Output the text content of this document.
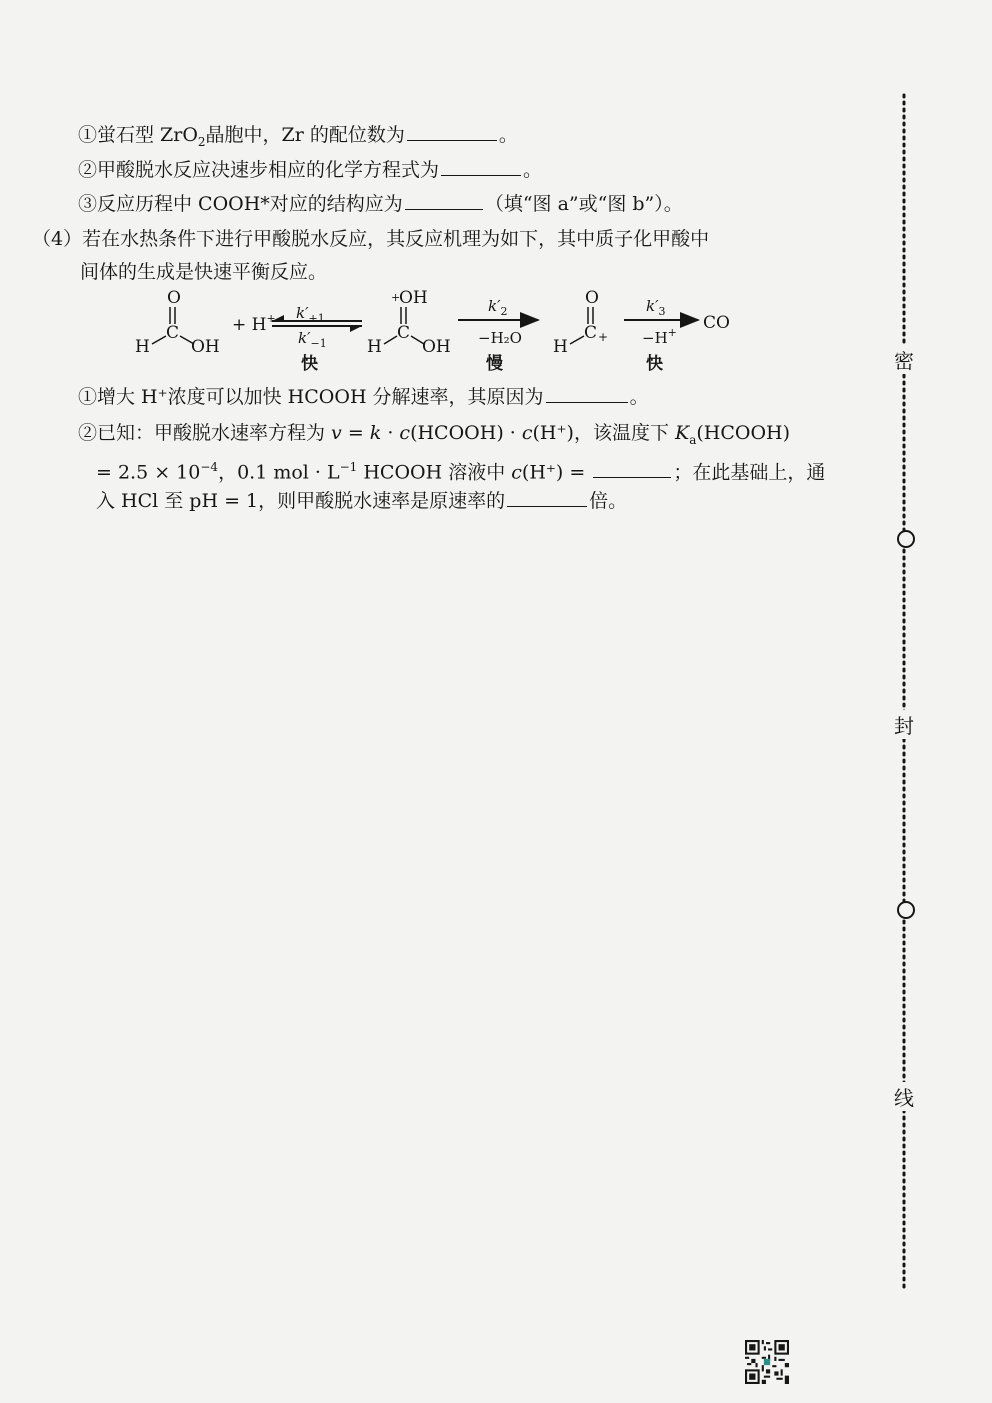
①蛍石型 ZrO$_2$晶胞中，Zr 的配位数为	。
②甲酸脱水反应决速步相应的化学方程式为	。
③反应历程中 COOH*对应的结构应为	（填“图 a”或“图 b”）。
（4）若在水热条件下进行甲酸脱水反应，其反应机理为如下，其中质子化甲酸中
间体的生成是快速平衡反应。
O
C
H OH
+ H+ $k'_{+1}$
$k'_{-1}$
快
+
OH
C
H OH
$k'_2$
−H₂O
慢
O
C +
H
$k'_3$
−H+
快
CO
①增大 H⁺浓度可以加快 HCOOH 分解速率，其原因为	。
②已知：甲酸脱水速率方程为 v = k · c(HCOOH) · c(H⁺)，该温度下 $K_a(HCOOH)$
= $2.5 \times 10^{-4}$，0.1 mol · $L^{-1}$ HCOOH 溶液中 c(H⁺) =	；在此基础上，通
入 HCl 至 pH = 1，则甲酸脱水速率是原速率的	倍。
密
封
线
